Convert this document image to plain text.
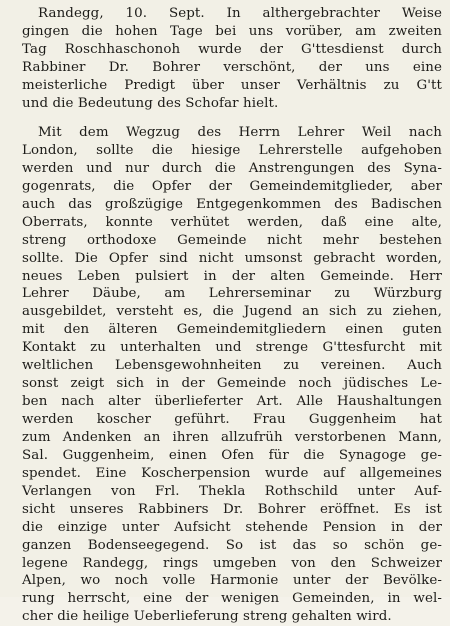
Randegg, 10. Sept. In althergebrachter Weise
gingen die hohen Tage bei uns vorüber, am zweiten
Tag Roschhaschonoh wurde der G'ttesdienst durch
Rabbiner Dr. Bohrer verschönt, der uns eine
meisterliche Predigt über unser Verhältnis zu G'tt
und die Bedeutung des Schofar hielt.
Mit dem Wegzug des Herrn Lehrer Weil nach
London, sollte die hiesige Lehrerstelle aufgehoben
werden und nur durch die Anstrengungen des Syna-
gogenrats, die Opfer der Gemeindemitglieder, aber
auch das großzügige Entgegenkommen des Badischen
Oberrats, konnte verhütet werden, daß eine alte,
streng orthodoxe Gemeinde nicht mehr bestehen
sollte. Die Opfer sind nicht umsonst gebracht worden,
neues Leben pulsiert in der alten Gemeinde. Herr
Lehrer Däube, am Lehrerseminar zu Würzburg
ausgebildet, versteht es, die Jugend an sich zu ziehen,
mit den älteren Gemeindemitgliedern einen guten
Kontakt zu unterhalten und strenge G'ttesfurcht mit
weltlichen Lebensgewohnheiten zu vereinen. Auch
sonst zeigt sich in der Gemeinde noch jüdisches Le-
ben nach alter überlieferter Art. Alle Haushaltungen
werden koscher geführt. Frau Guggenheim hat
zum Andenken an ihren allzufrüh verstorbenen Mann,
Sal. Guggenheim, einen Ofen für die Synagoge ge-
spendet. Eine Koscherpension wurde auf allgemeines
Verlangen von Frl. Thekla Rothschild unter Auf-
sicht unseres Rabbiners Dr. Bohrer eröffnet. Es ist
die einzige unter Aufsicht stehende Pension in der
ganzen Bodenseegegend. So ist das so schön ge-
legene Randegg, rings umgeben von den Schweizer
Alpen, wo noch volle Harmonie unter der Bevölke-
rung herrscht, eine der wenigen Gemeinden, in wel-
cher die heilige Ueberlieferung streng gehalten wird.
